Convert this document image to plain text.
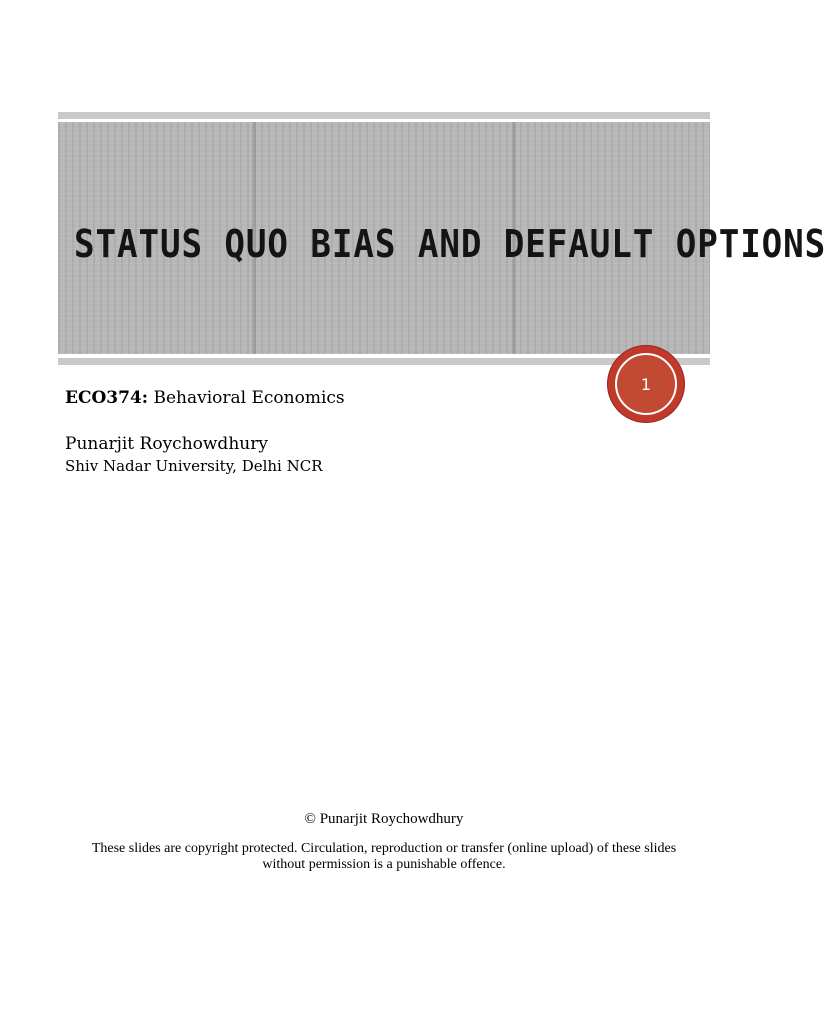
STATUS QUO BIAS AND DEFAULT OPTIONS
1
ECO374: Behavioral Economics
Punarjit Roychowdhury
Shiv Nadar University, Delhi NCR
© Punarjit Roychowdhury
These slides are copyright protected. Circulation, reproduction or transfer (online upload) of these slides
without permission is a punishable offence.
